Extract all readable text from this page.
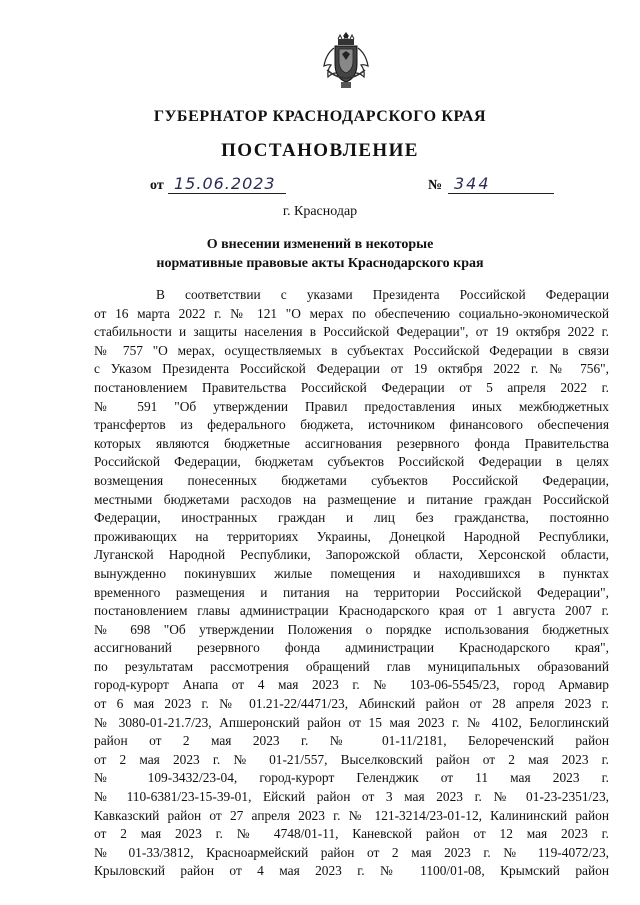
ГУБЕРНАТОР КРАСНОДАРСКОГО КРАЯ
ПОСТАНОВЛЕНИЕ
от 15.06.2023	№ 344
г. Краснодар
О внесении изменений в некоторые
нормативные правовые акты Краснодарского края
В соответствии с указами Президента Российской Федерации
от 16 марта 2022 г. № 121 "О мерах по обеспечению социально-экономической
стабильности и защиты населения в Российской Федерации", от 19 октября 2022 г.
№ 757 "О мерах, осуществляемых в субъектах Российской Федерации в связи
с Указом Президента Российской Федерации от 19 октября 2022 г. № 756",
постановлением Правительства Российской Федерации от 5 апреля 2022 г.
№ 591 "Об утверждении Правил предоставления иных межбюджетных
трансфертов из федерального бюджета, источником финансового обеспечения
которых являются бюджетные ассигнования резервного фонда Правительства
Российской Федерации, бюджетам субъектов Российской Федерации в целях
возмещения понесенных бюджетами субъектов Российской Федерации,
местными бюджетами расходов на размещение и питание граждан Российской
Федерации, иностранных граждан и лиц без гражданства, постоянно
проживающих на территориях Украины, Донецкой Народной Республики,
Луганской Народной Республики, Запорожской области, Херсонской области,
вынужденно покинувших жилые помещения и находившихся в пунктах
временного размещения и питания на территории Российской Федерации",
постановлением главы администрации Краснодарского края от 1 августа 2007 г.
№ 698 "Об утверждении Положения о порядке использования бюджетных
ассигнований резервного фонда администрации Краснодарского края",
по результатам рассмотрения обращений глав муниципальных образований
город-курорт Анапа от 4 мая 2023 г. № 103-06-5545/23, город Армавир
от 6 мая 2023 г. № 01.21-22/4471/23, Абинский район от 28 апреля 2023 г.
№ 3080-01-21.7/23, Апшеронский район от 15 мая 2023 г. № 4102, Белоглинский
район от 2 мая 2023 г. № 01-11/2181, Белореченский район
от 2 мая 2023 г. № 01-21/557, Выселковский район от 2 мая 2023 г.
№ 109-3432/23-04, город-курорт Геленджик от 11 мая 2023 г.
№ 110-6381/23-15-39-01, Ейский район от 3 мая 2023 г. № 01-23-2351/23,
Кавказский район от 27 апреля 2023 г. № 121-3214/23-01-12, Калининский район
от 2 мая 2023 г. № 4748/01-11, Каневской район от 12 мая 2023 г.
№ 01-33/3812, Красноармейский район от 2 мая 2023 г. № 119-4072/23,
Крыловский район от 4 мая 2023 г. № 1100/01-08, Крымский район
